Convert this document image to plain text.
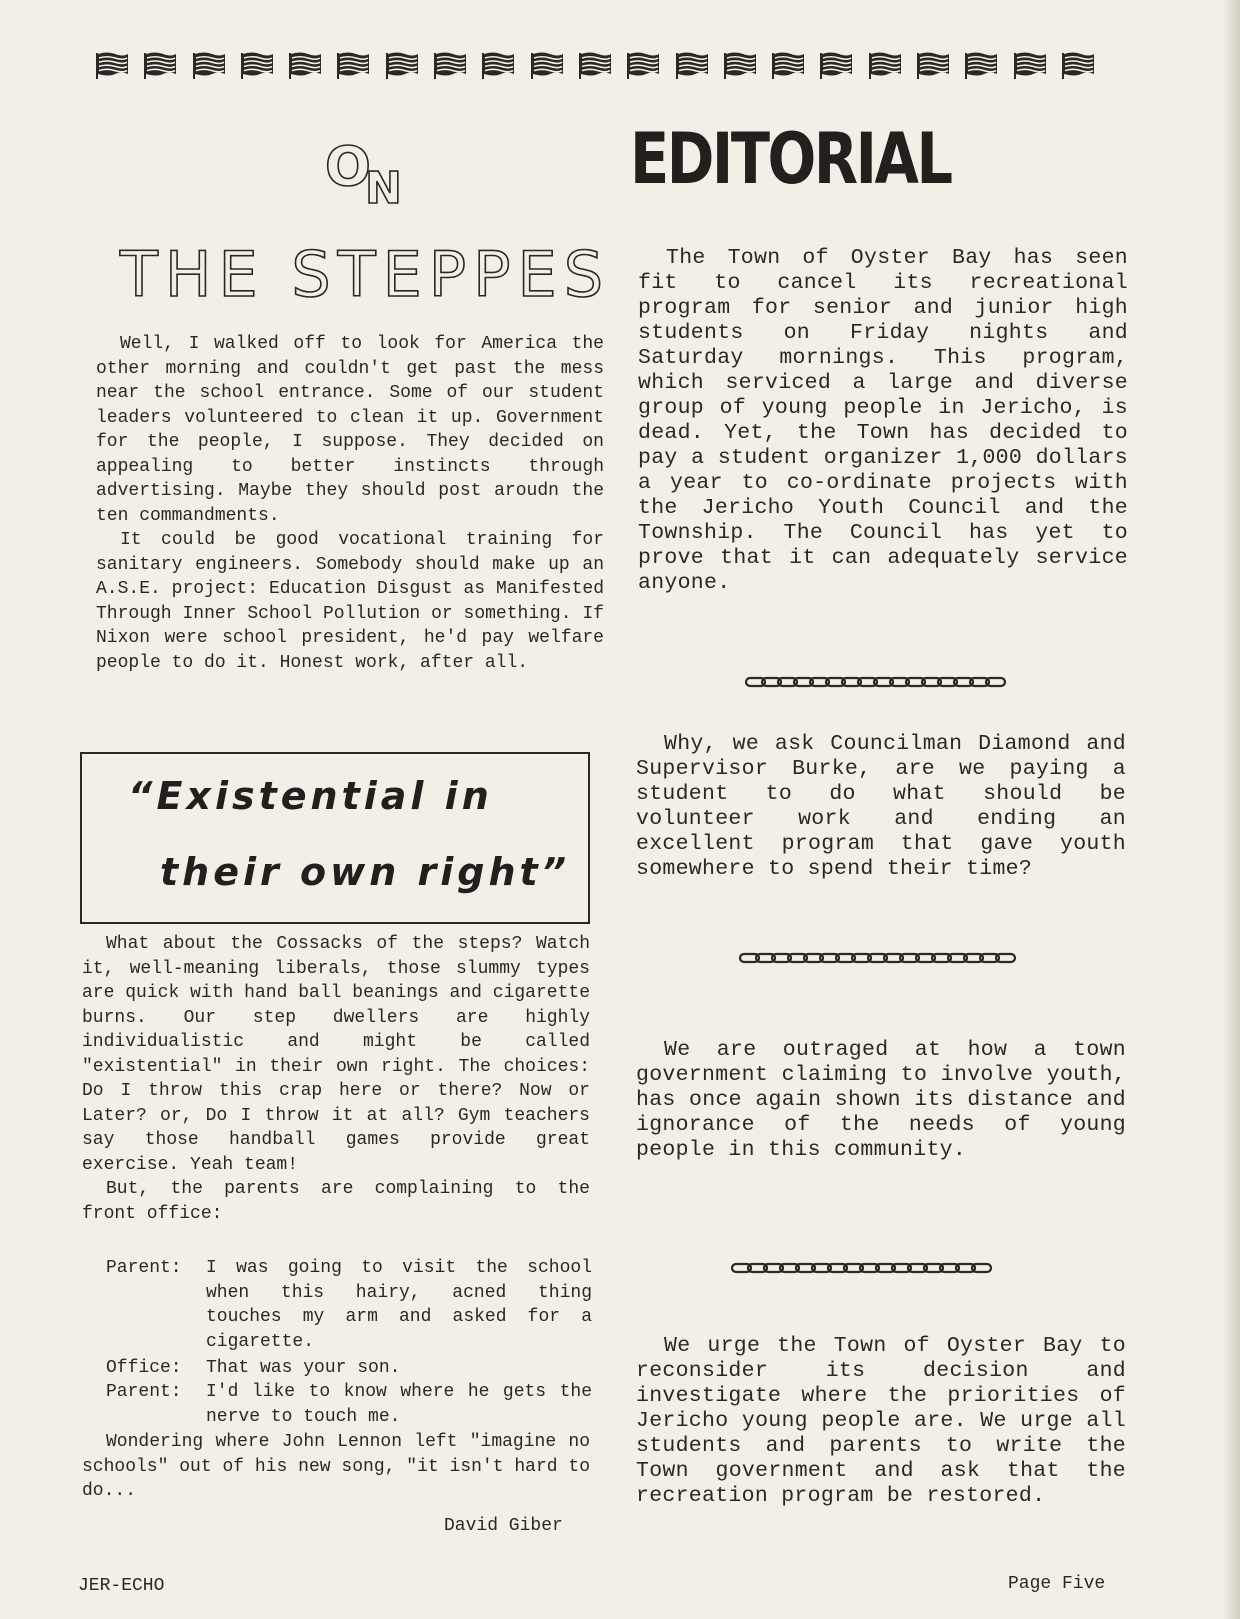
O
N
THE STEPPES

Well, I walked off to look for America the other morning and couldn't get past the mess near the school entrance. Some of our student leaders volunteered to clean it up. Government for the people, I suppose. They decided on appealing to better instincts through advertising. Maybe they should post aroudn the ten commandments.

It could be good vocational training for sanitary engineers. Somebody should make up an A.S.E. project: Education Disgust as Manifested Through Inner School Pollution or something. If Nixon were school president, he'd pay welfare people to do it. Honest work, after all.

“Existential in
their own right”

What about the Cossacks of the steps? Watch it, well-meaning liberals, those slummy types are quick with hand ball beanings and cigarette burns. Our step dwellers are highly individualistic and might be called "existential" in their own right. The choices: Do I throw this crap here or there? Now or Later? or, Do I throw it at all? Gym teachers say those handball games provide great exercise. Yeah team!

But, the parents are complaining to the front office:

Parent: I was going to visit the school when this hairy, acned thing touches my arm and asked for a cigarette.
Office: That was your son.
Parent: I'd like to know where he gets the nerve to touch me.

Wondering where John Lennon left "imagine no schools" out of his new song, "it isn't hard to do...

David Giber
EDITORIAL

The Town of Oyster Bay has seen fit to cancel its recreational program for senior and junior high students on Friday nights and Saturday mornings. This program, which serviced a large and diverse group of young people in Jericho, is dead. Yet, the Town has decided to pay a student organizer 1,000 dollars a year to co-ordinate projects with the Jericho Youth Council and the Township. The Council has yet to prove that it can adequately service anyone.

Why, we ask Councilman Diamond and Supervisor Burke, are we paying a student to do what should be volunteer work and ending an excellent program that gave youth somewhere to spend their time?

We are outraged at how a town government claiming to involve youth, has once again shown its distance and ignorance of the needs of young people in this community.

We urge the Town of Oyster Bay to reconsider its decision and investigate where the priorities of Jericho young people are. We urge all students and parents to write the Town government and ask that the recreation program be restored.

JER-ECHO	Page Five
